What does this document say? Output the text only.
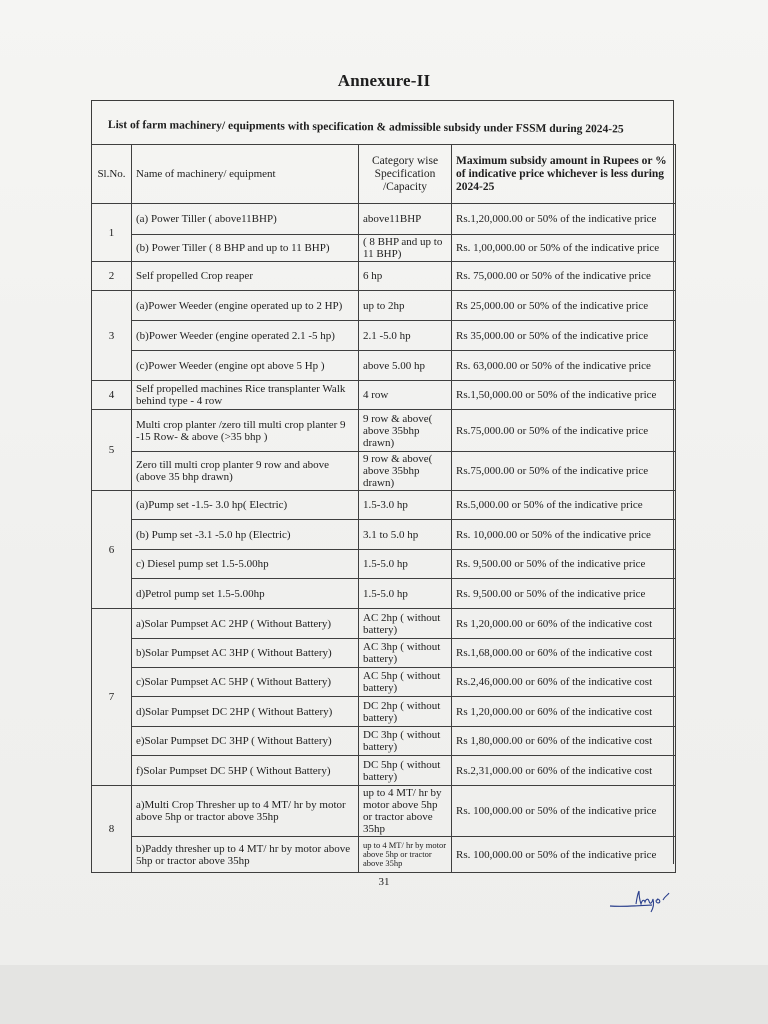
Annexure-II
List of farm machinery/ equipments with specification & admissible subsidy under FSSM during 2024-25
Sl.No.	Name of machinery/ equipment	Category wise Specification /Capacity	Maximum subsidy amount in Rupees or % of indicative price whichever is less during 2024-25
1	(a) Power Tiller ( above11BHP)	above11BHP	Rs.1,20,000.00 or 50% of the indicative price
	(b) Power Tiller ( 8 BHP and up to 11 BHP)	( 8 BHP and up to 11 BHP)	Rs. 1,00,000.00 or 50% of the indicative price
2	Self propelled Crop reaper	6 hp	Rs. 75,000.00 or 50% of the indicative price
3	(a)Power Weeder (engine operated up to 2 HP)	up to 2hp	Rs 25,000.00 or 50% of the indicative price
	(b)Power Weeder (engine operated 2.1 -5 hp)	2.1 -5.0 hp	Rs 35,000.00 or 50% of the indicative price
	(c)Power Weeder (engine opt above 5 Hp )	above 5.00 hp	Rs. 63,000.00 or 50% of the indicative price
4	Self propelled machines Rice transplanter Walk behind type - 4 row	4 row	Rs.1,50,000.00 or 50% of the indicative price
5	Multi crop planter /zero till multi crop planter 9 -15 Row- & above (>35 bhp )	9 row & above( above 35bhp drawn)	Rs.75,000.00 or 50% of the indicative price
	Zero till multi crop planter 9 row and above (above 35 bhp drawn)	9 row & above( above 35bhp drawn)	Rs.75,000.00 or 50% of the indicative price
6	(a)Pump set -1.5- 3.0 hp( Electric)	1.5-3.0 hp	Rs.5,000.00 or 50% of the indicative price
	(b) Pump set -3.1 -5.0 hp (Electric)	3.1 to 5.0 hp	Rs. 10,000.00 or 50% of the indicative price
	c) Diesel pump set 1.5-5.00hp	1.5-5.0 hp	Rs. 9,500.00 or 50% of the indicative price
	d)Petrol pump set 1.5-5.00hp	1.5-5.0 hp	Rs. 9,500.00 or 50% of the indicative price
7	a)Solar Pumpset AC 2HP ( Without Battery)	AC 2hp ( without battery)	Rs 1,20,000.00 or 60% of the indicative cost
	b)Solar Pumpset AC 3HP ( Without Battery)	AC 3hp ( without battery)	Rs.1,68,000.00 or 60% of the indicative cost
	c)Solar Pumpset AC 5HP ( Without Battery)	AC 5hp ( without battery)	Rs.2,46,000.00 or 60% of the indicative cost
	d)Solar Pumpset DC 2HP ( Without Battery)	DC 2hp ( without battery)	Rs 1,20,000.00 or 60% of the indicative cost
	e)Solar Pumpset DC 3HP ( Without Battery)	DC 3hp ( without battery)	Rs 1,80,000.00 or 60% of the indicative cost
	f)Solar Pumpset DC 5HP ( Without Battery)	DC 5hp ( without battery)	Rs.2,31,000.00 or 60% of the indicative cost
8	a)Multi Crop Thresher up to 4 MT/ hr by motor above 5hp or tractor above 35hp	up to 4 MT/ hr by motor above 5hp or tractor above 35hp	Rs. 100,000.00 or 50% of the indicative price
	b)Paddy thresher up to 4 MT/ hr by motor above 5hp or tractor above 35hp	up to 4 MT/ hr by motor above 5hp or tractor above 35hp	Rs. 100,000.00 or 50% of the indicative price
31
